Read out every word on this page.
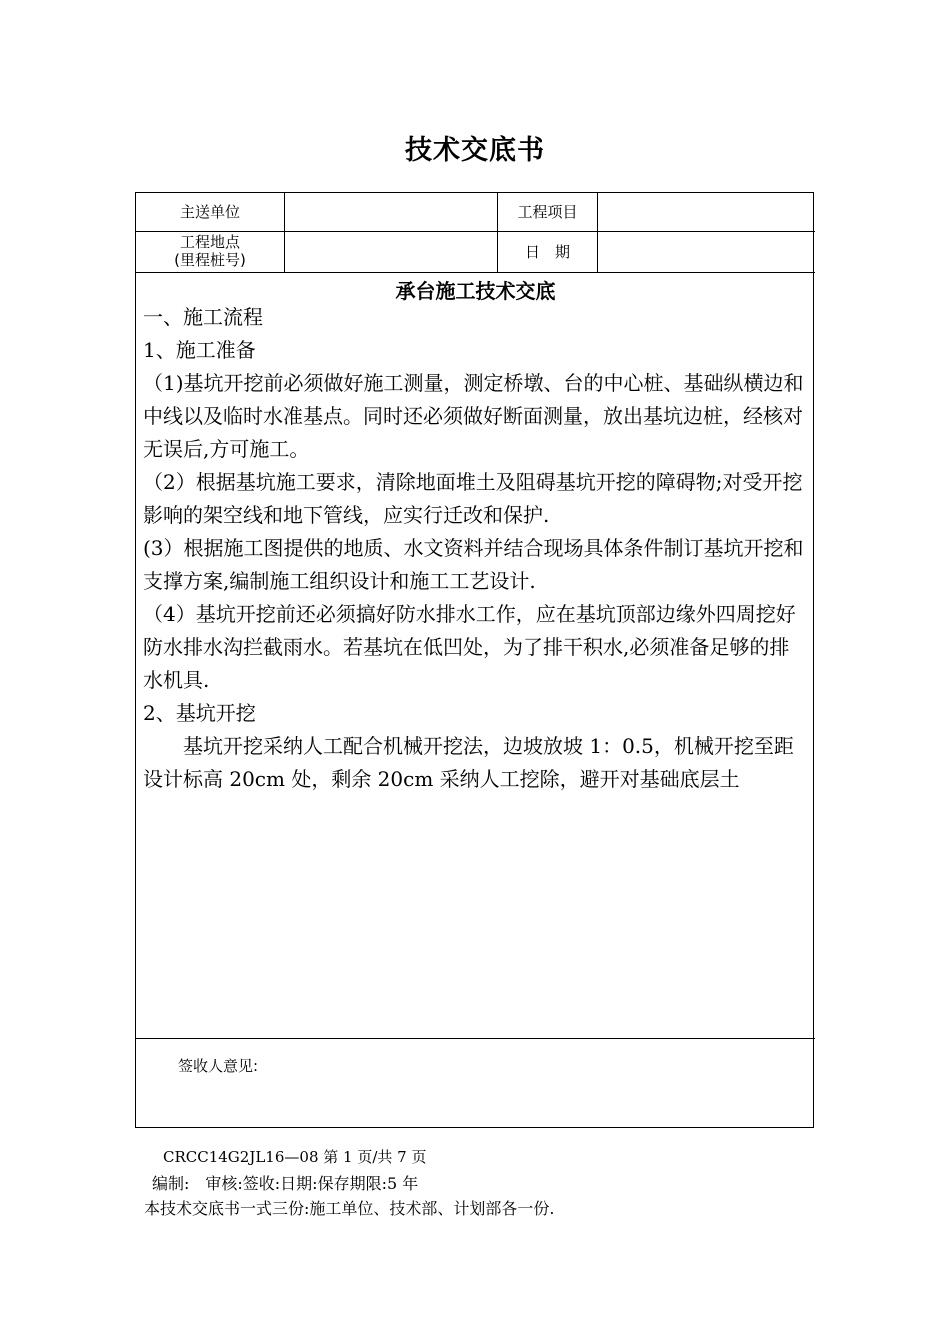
技术交底书
主送单位	工程项目
工程地点
(里程桩号)	日　期
承台施工技术交底

一、施工流程

1、施工准备

（1)基坑开挖前必须做好施工测量，测定桥墩、台的中心桩、基础纵横边和中线以及临时水准基点。同时还必须做好断面测量，放出基坑边桩，经核对无误后,方可施工。

（2）根据基坑施工要求，清除地面堆土及阻碍基坑开挖的障碍物;对受开挖影响的架空线和地下管线，应实行迁改和保护.

(3）根据施工图提供的地质、水文资料并结合现场具体条件制订基坑开挖和支撑方案,编制施工组织设计和施工工艺设计.

（4）基坑开挖前还必须搞好防水排水工作，应在基坑顶部边缘外四周挖好防水排水沟拦截雨水。若基坑在低凹处，为了排干积水,必须准备足够的排水机具.

2、基坑开挖

基坑开挖采纳人工配合机械开挖法，边坡放坡 1：0.5，机械开挖至距设计标高 20cm 处，剩余 20cm 采纳人工挖除，避开对基础底层土

签收人意见:
CRCC14G2JL16—08 第 1 页/共 7 页
编制:　审核:签收:日期:保存期限:5 年
本技术交底书一式三份:施工单位、技术部、计划部各一份.
